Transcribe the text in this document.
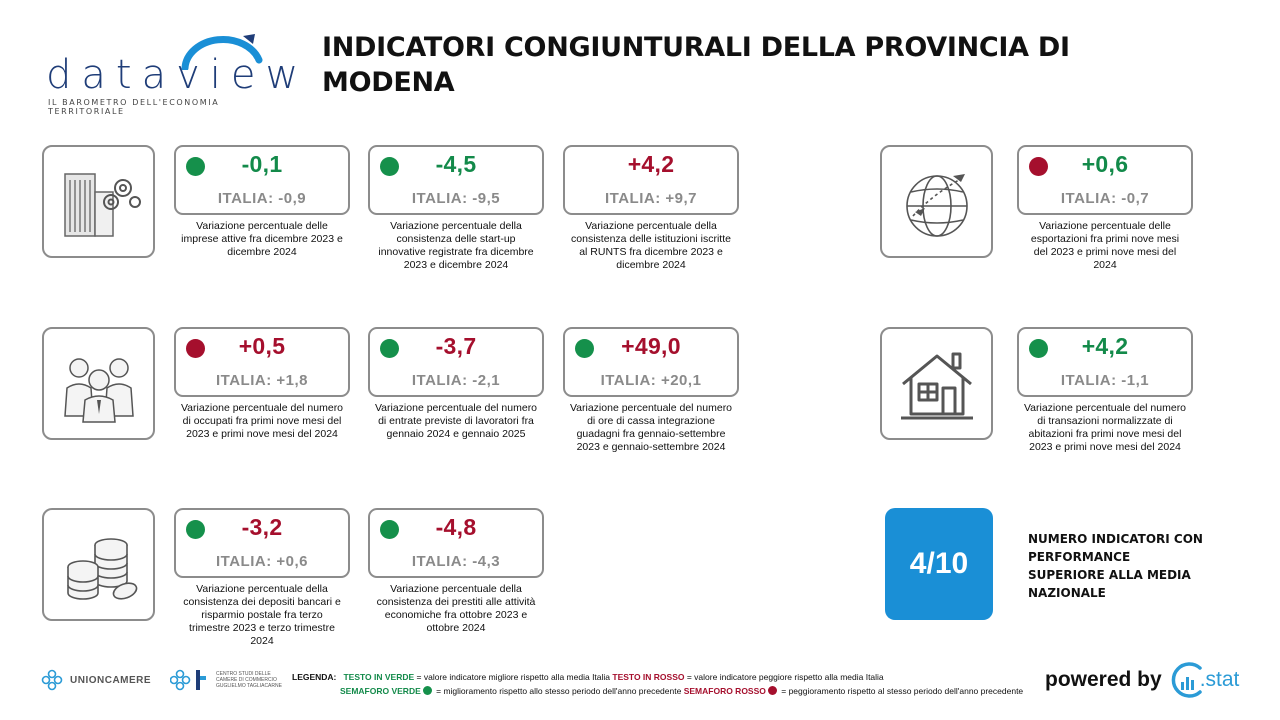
dataview
IL BAROMETRO DELL'ECONOMIA TERRITORIALE
INDICATORI CONGIUNTURALI DELLA PROVINCIA DI MODENA
-0,1
ITALIA: -0,9
Variazione percentuale delle imprese attive fra dicembre 2023 e dicembre 2024
-4,5
ITALIA: -9,5
Variazione percentuale della consistenza delle start-up innovative registrate fra dicembre 2023 e dicembre 2024
+4,2
ITALIA: +9,7
Variazione percentuale della consistenza delle istituzioni iscritte al RUNTS fra dicembre 2023 e dicembre 2024
+0,6
ITALIA: -0,7
Variazione percentuale delle esportazioni fra primi nove mesi del 2023 e primi nove mesi del 2024
+0,5
ITALIA: +1,8
Variazione percentuale del numero di occupati fra primi nove mesi del 2023 e primi nove mesi del 2024
-3,7
ITALIA: -2,1
Variazione percentuale del numero di entrate previste di lavoratori fra gennaio 2024 e gennaio 2025
+49,0
ITALIA: +20,1
Variazione percentuale del numero di ore di cassa integrazione guadagni fra gennaio-settembre 2023 e gennaio-settembre 2024
+4,2
ITALIA: -1,1
Variazione percentuale del numero di transazioni normalizzate di abitazioni fra primi nove mesi del 2023 e primi nove mesi del 2024
-3,2
ITALIA: +0,6
Variazione percentuale della consistenza dei depositi bancari e risparmio postale fra terzo trimestre 2023 e terzo trimestre 2024
-4,8
ITALIA: -4,3
Variazione percentuale della consistenza dei prestiti alle attività economiche fra ottobre 2023 e ottobre 2024
4/10
NUMERO INDICATORI CON PERFORMANCE SUPERIORE ALLA MEDIA NAZIONALE
UNIONCAMERE
CENTRO STUDI DELLE CAMERE DI COMMERCIO GUGLIELMO TAGLIACARNE
LEGENDA: TESTO IN VERDE = valore indicatore migliore rispetto alla media Italia TESTO IN ROSSO = valore indicatore peggiore rispetto alla media Italia
SEMAFORO VERDE = miglioramento rispetto allo stesso periodo dell'anno precedente SEMAFORO ROSSO = peggioramento rispetto al stesso periodo dell'anno precedente	powered by .stat
